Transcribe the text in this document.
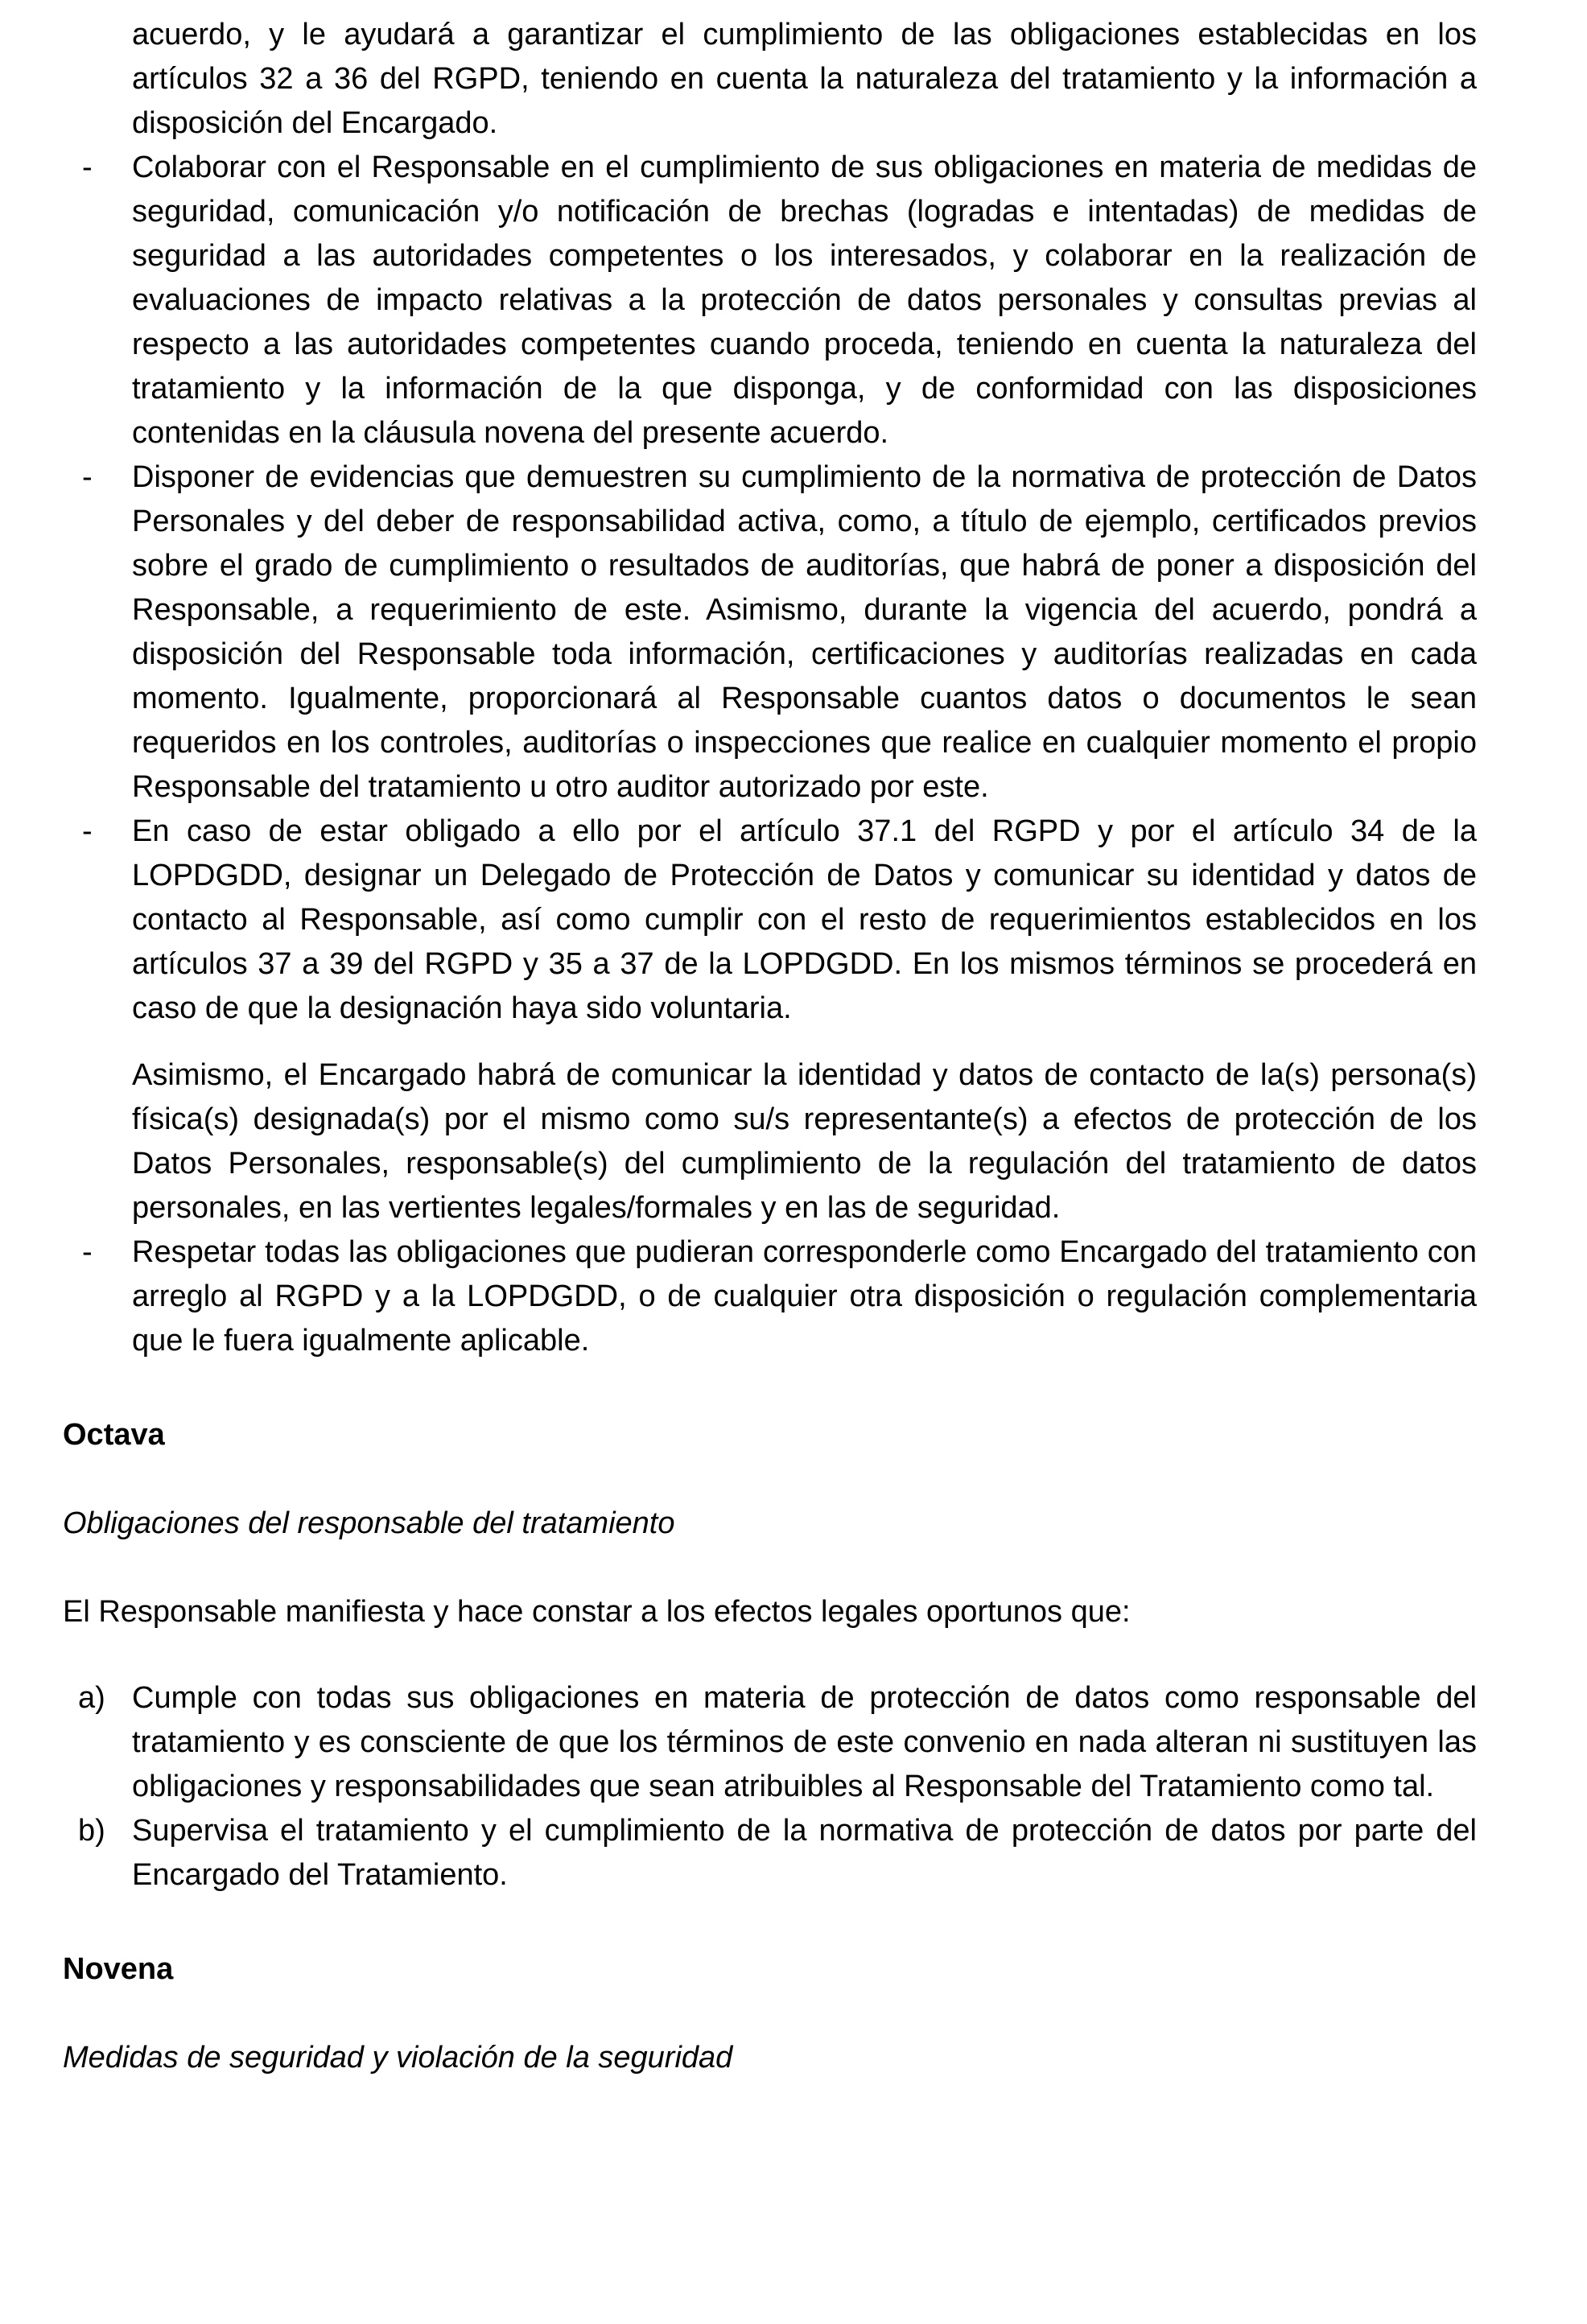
acuerdo, y le ayudará a garantizar el cumplimiento de las obligaciones establecidas en los artículos 32 a 36 del RGPD, teniendo en cuenta la naturaleza del tratamiento y la información a disposición del Encargado.

- Colaborar con el Responsable en el cumplimiento de sus obligaciones en materia de medidas de seguridad, comunicación y/o notificación de brechas (logradas e intentadas) de medidas de seguridad a las autoridades competentes o los interesados, y colaborar en la realización de evaluaciones de impacto relativas a la protección de datos personales y consultas previas al respecto a las autoridades competentes cuando proceda, teniendo en cuenta la naturaleza del tratamiento y la información de la que disponga, y de conformidad con las disposiciones contenidas en la cláusula novena del presente acuerdo.

- Disponer de evidencias que demuestren su cumplimiento de la normativa de protección de Datos Personales y del deber de responsabilidad activa, como, a título de ejemplo, certificados previos sobre el grado de cumplimiento o resultados de auditorías, que habrá de poner a disposición del Responsable, a requerimiento de este. Asimismo, durante la vigencia del acuerdo, pondrá a disposición del Responsable toda información, certificaciones y auditorías realizadas en cada momento. Igualmente, proporcionará al Responsable cuantos datos o documentos le sean requeridos en los controles, auditorías o inspecciones que realice en cualquier momento el propio Responsable del tratamiento u otro auditor autorizado por este.

- En caso de estar obligado a ello por el artículo 37.1 del RGPD y por el artículo 34 de la LOPDGDD, designar un Delegado de Protección de Datos y comunicar su identidad y datos de contacto al Responsable, así como cumplir con el resto de requerimientos establecidos en los artículos 37 a 39 del RGPD y 35 a 37 de la LOPDGDD. En los mismos términos se procederá en caso de que la designación haya sido voluntaria.

Asimismo, el Encargado habrá de comunicar la identidad y datos de contacto de la(s) persona(s) física(s) designada(s) por el mismo como su/s representante(s) a efectos de protección de los Datos Personales, responsable(s) del cumplimiento de la regulación del tratamiento de datos personales, en las vertientes legales/formales y en las de seguridad.

- Respetar todas las obligaciones que pudieran corresponderle como Encargado del tratamiento con arreglo al RGPD y a la LOPDGDD, o de cualquier otra disposición o regulación complementaria que le fuera igualmente aplicable.

Octava

Obligaciones del responsable del tratamiento

El Responsable manifiesta y hace constar a los efectos legales oportunos que:

a) Cumple con todas sus obligaciones en materia de protección de datos como responsable del tratamiento y es consciente de que los términos de este convenio en nada alteran ni sustituyen las obligaciones y responsabilidades que sean atribuibles al Responsable del Tratamiento como tal.

b) Supervisa el tratamiento y el cumplimiento de la normativa de protección de datos por parte del Encargado del Tratamiento.

Novena

Medidas de seguridad y violación de la seguridad
